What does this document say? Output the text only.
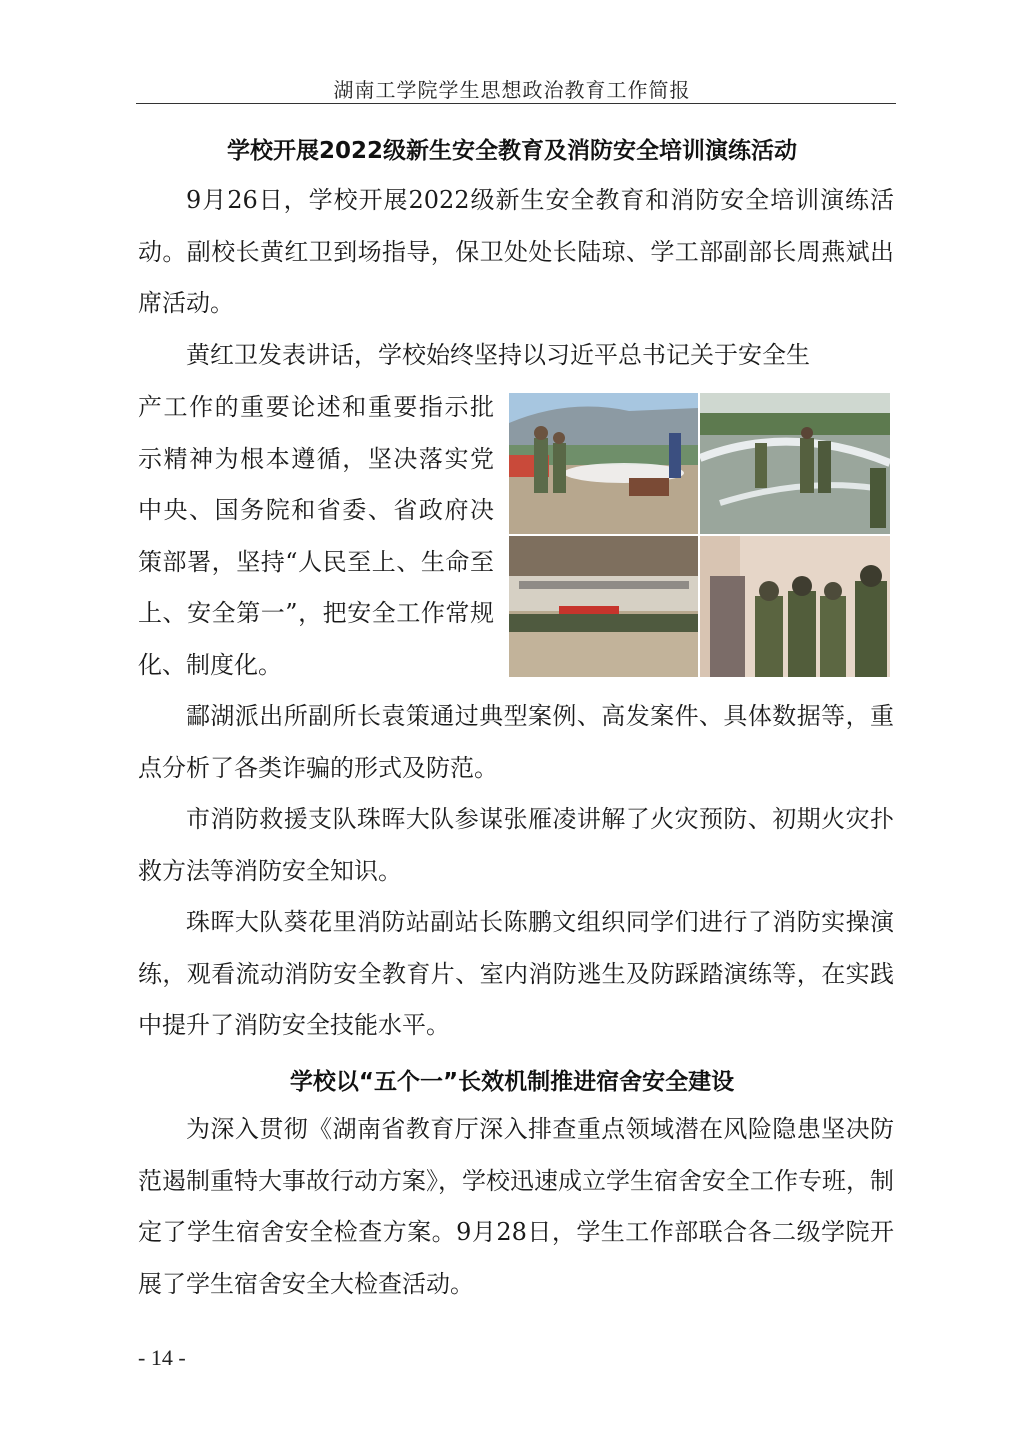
湖南工学院学生思想政治教育工作简报
学校开展2022级新生安全教育及消防安全培训演练活动
9月26日，学校开展2022级新生安全教育和消防安全培训演练活动。副校长黄红卫到场指导，保卫处处长陆琼、学工部副部长周燕斌出席活动。
黄红卫发表讲话，学校始终坚持以习近平总书记关于安全生
产工作的重要论述和重要指示批示精神为根本遵循，坚决落实党中央、国务院和省委、省政府决策部署，坚持“人民至上、生命至上、安全第一”，把安全工作常规化、制度化。
酃湖派出所副所长袁策通过典型案例、高发案件、具体数据等，重点分析了各类诈骗的形式及防范。
市消防救援支队珠晖大队参谋张雁凌讲解了火灾预防、初期火灾扑救方法等消防安全知识。
珠晖大队葵花里消防站副站长陈鹏文组织同学们进行了消防实操演练，观看流动消防安全教育片、室内消防逃生及防踩踏演练等，在实践中提升了消防安全技能水平。
学校以“五个一”长效机制推进宿舍安全建设
为深入贯彻《湖南省教育厅深入排查重点领域潜在风险隐患坚决防范遏制重特大事故行动方案》，学校迅速成立学生宿舍安全工作专班，制定了学生宿舍安全检查方案。9月28日，学生工作部联合各二级学院开展了学生宿舍安全大检查活动。
- 14 -
